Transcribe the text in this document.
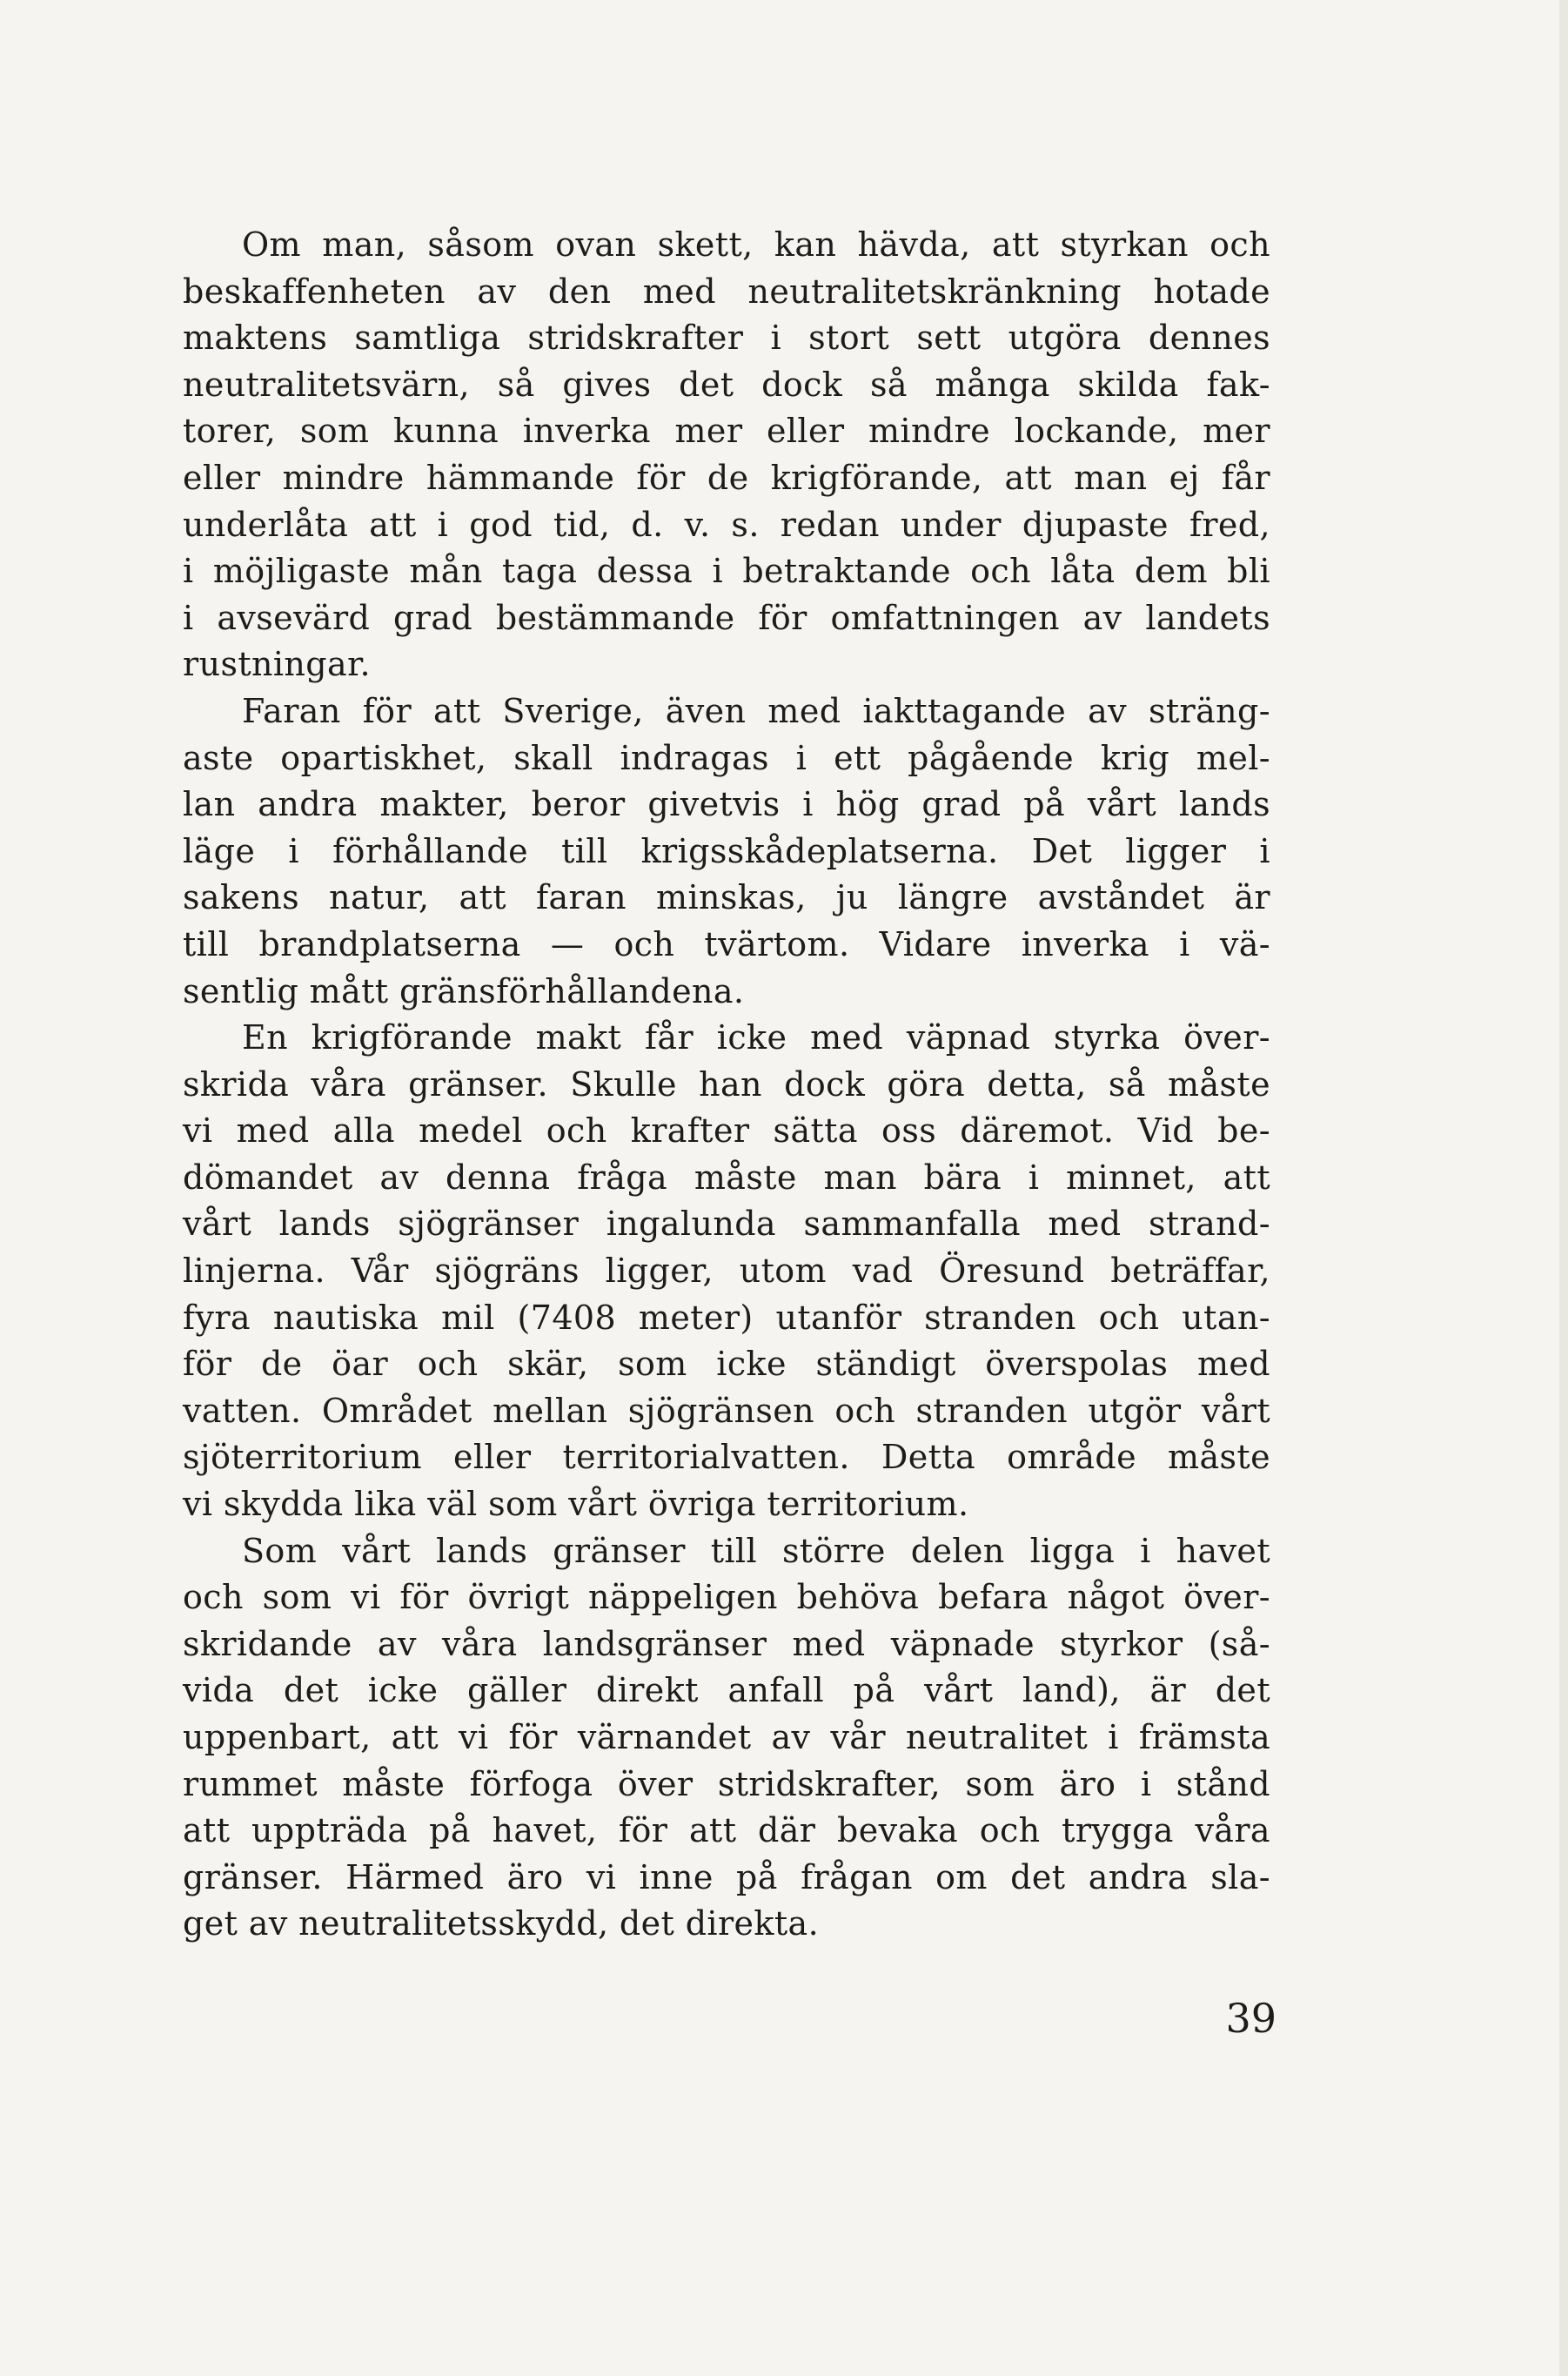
Om man, såsom ovan skett, kan hävda, att styrkan och
beskaffenheten av den med neutralitetskränkning hotade
maktens samtliga stridskrafter i stort sett utgöra dennes
neutralitetsvärn, så gives det dock så många skilda fak-
torer, som kunna inverka mer eller mindre lockande, mer
eller mindre hämmande för de krigförande, att man ej får
underlåta att i god tid, d. v. s. redan under djupaste fred,
i möjligaste mån taga dessa i betraktande och låta dem bli
i avsevärd grad bestämmande för omfattningen av landets
rustningar.
Faran för att Sverige, även med iakttagande av sträng-
aste opartiskhet, skall indragas i ett pågående krig mel-
lan andra makter, beror givetvis i hög grad på vårt lands
läge i förhållande till krigsskådeplatserna. Det ligger i
sakens natur, att faran minskas, ju längre avståndet är
till brandplatserna — och tvärtom. Vidare inverka i vä-
sentlig mått gränsförhållandena.
En krigförande makt får icke med väpnad styrka över-
skrida våra gränser. Skulle han dock göra detta, så måste
vi med alla medel och krafter sätta oss däremot. Vid be-
dömandet av denna fråga måste man bära i minnet, att
vårt lands sjögränser ingalunda sammanfalla med strand-
linjerna. Vår sjögräns ligger, utom vad Öresund beträffar,
fyra nautiska mil (7408 meter) utanför stranden och utan-
för de öar och skär, som icke ständigt överspolas med
vatten. Området mellan sjögränsen och stranden utgör vårt
sjöterritorium eller territorialvatten. Detta område måste
vi skydda lika väl som vårt övriga territorium.
Som vårt lands gränser till större delen ligga i havet
och som vi för övrigt näppeligen behöva befara något över-
skridande av våra landsgränser med väpnade styrkor (så-
vida det icke gäller direkt anfall på vårt land), är det
uppenbart, att vi för värnandet av vår neutralitet i främsta
rummet måste förfoga över stridskrafter, som äro i stånd
att uppträda på havet, för att där bevaka och trygga våra
gränser. Härmed äro vi inne på frågan om det andra sla-
get av neutralitetsskydd, det direkta.
39
